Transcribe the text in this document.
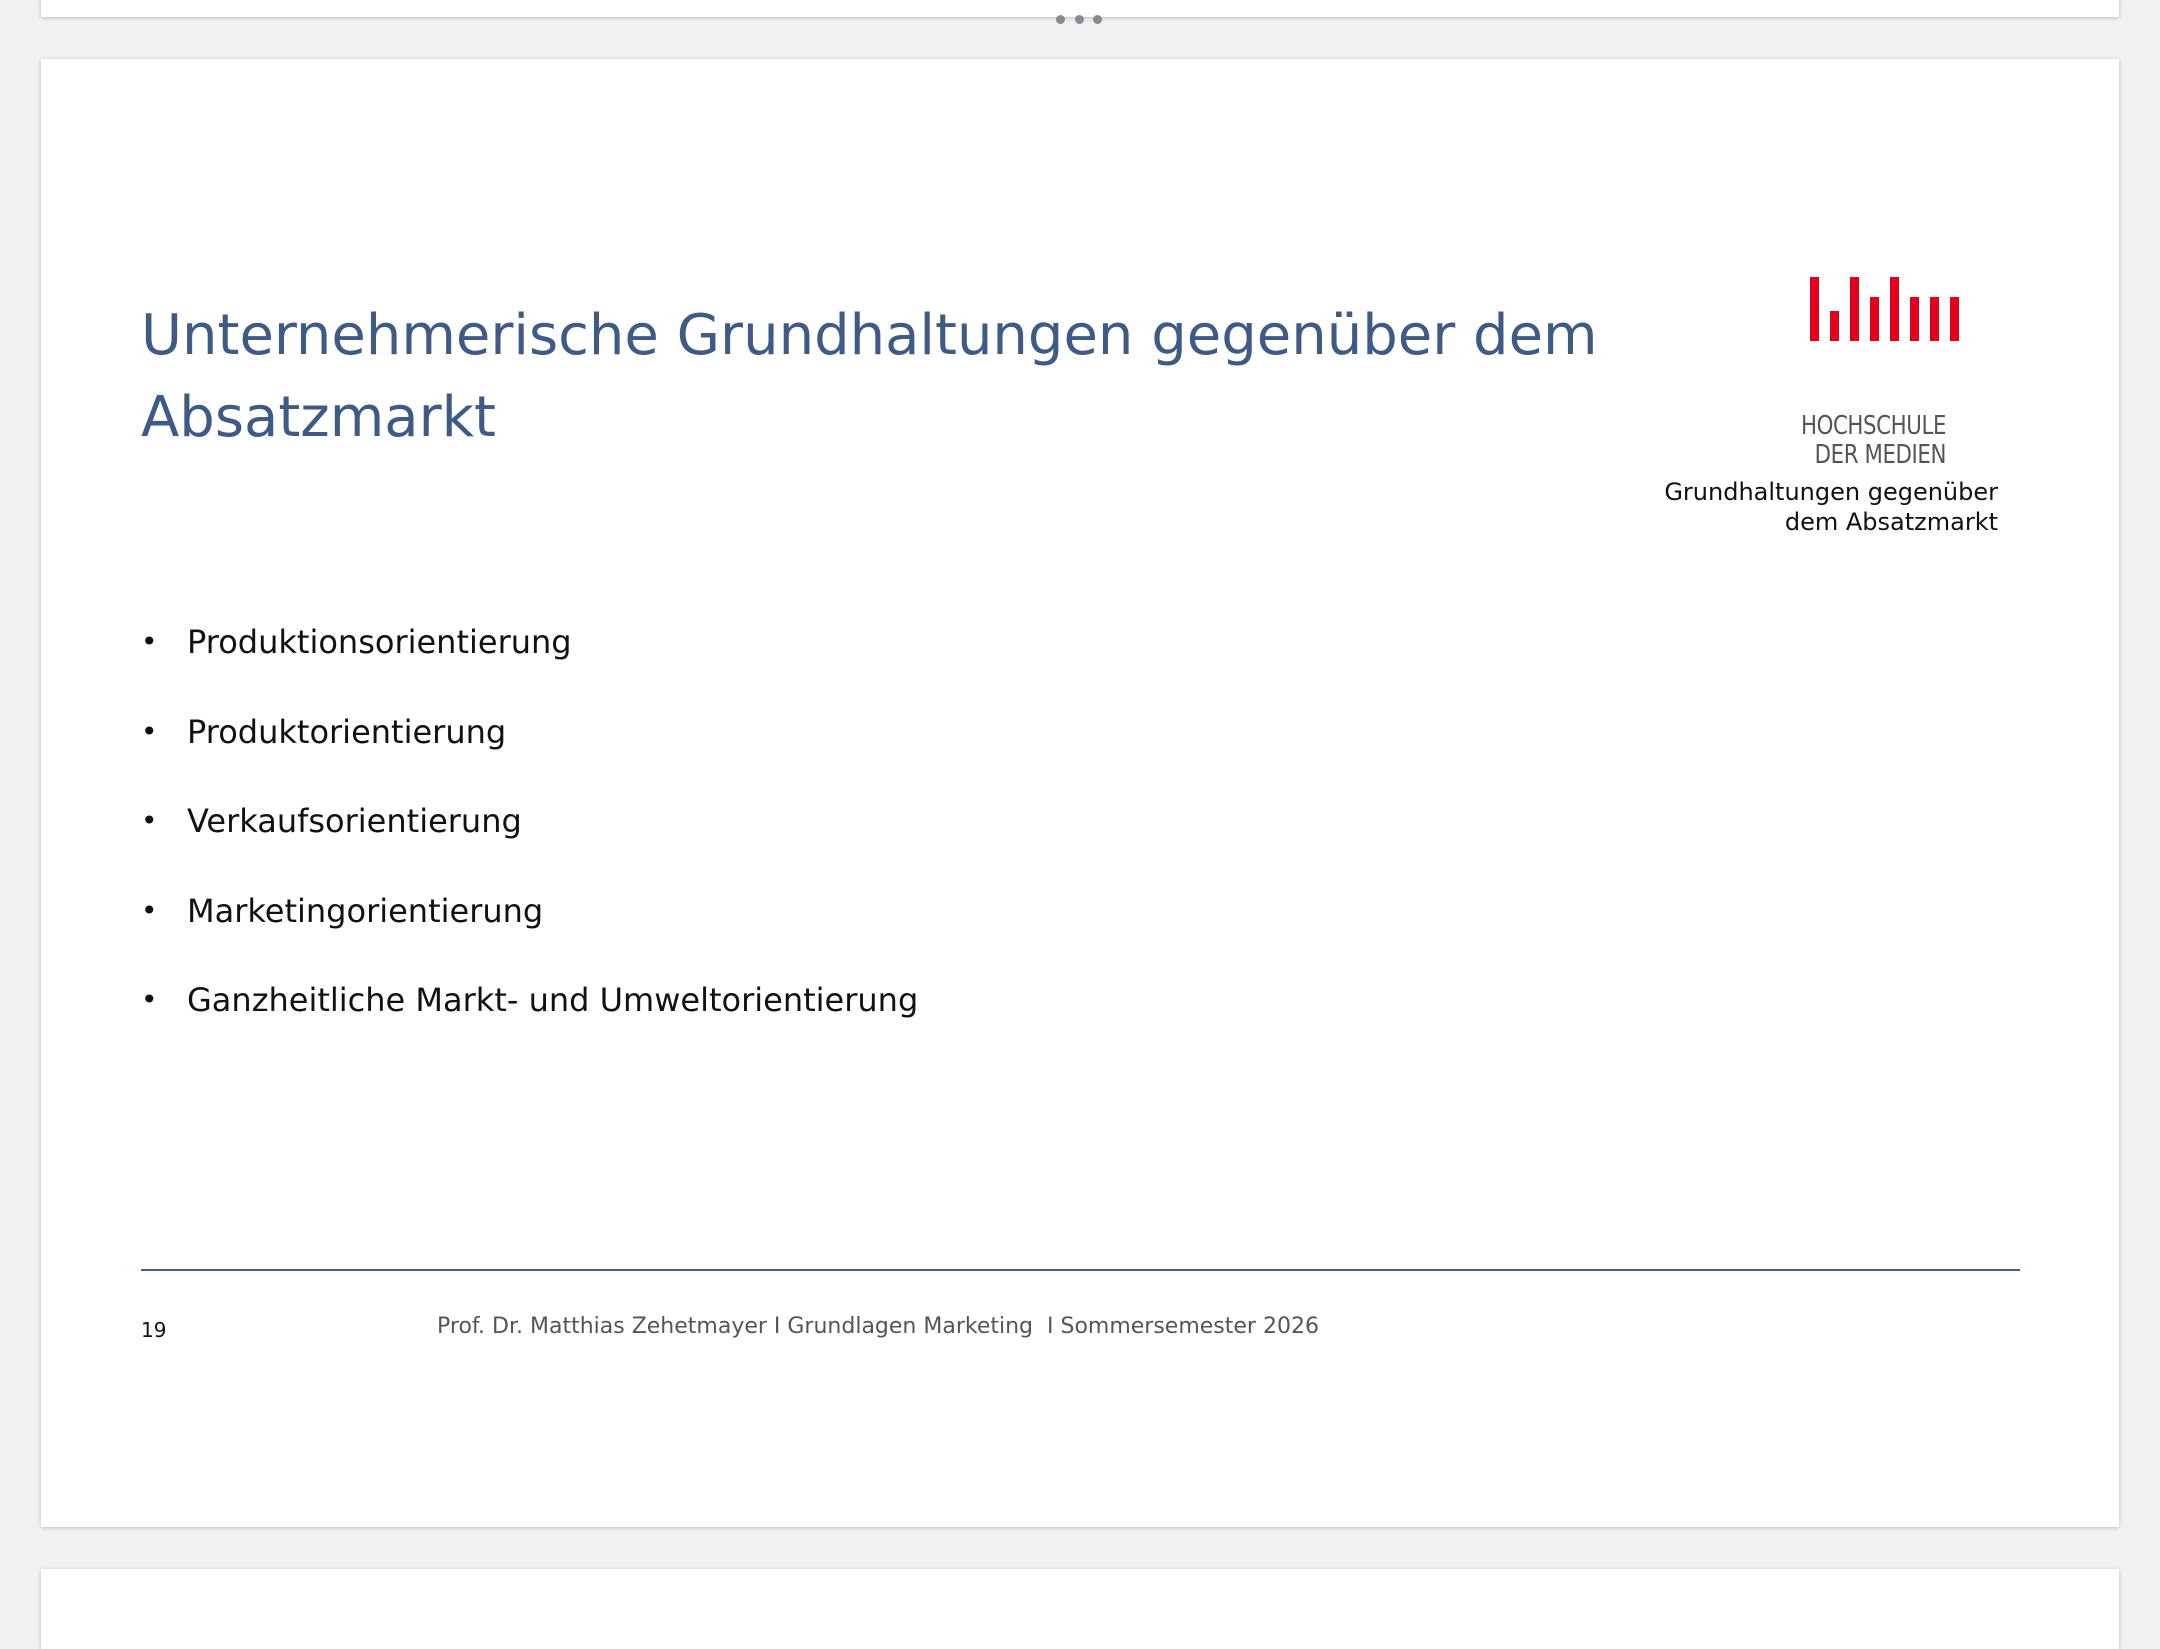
Unternehmerische Grundhaltungen gegenüber dem Absatzmarkt	HOCHSCHULE
DER MEDIEN
Grundhaltungen gegenüber
dem Absatzmarkt
• Produktionsorientierung
• Produktorientierung
• Verkaufsorientierung
• Marketingorientierung
• Ganzheitliche Markt- und Umweltorientierung
19	Prof. Dr. Matthias Zehetmayer I Grundlagen Marketing  I Sommersemester 2026
